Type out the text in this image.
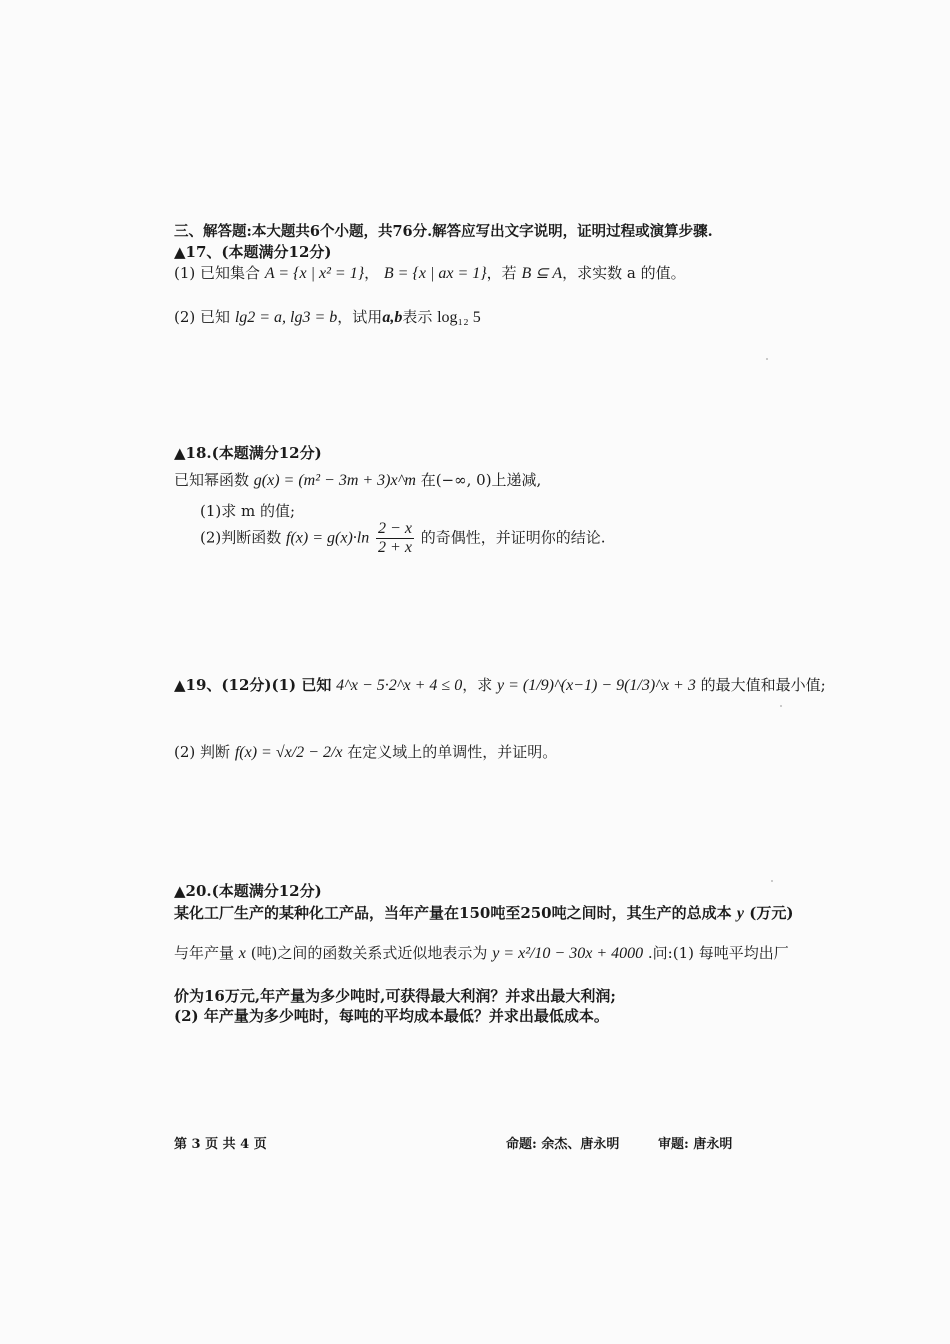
三、解答题:本大题共6个小题，共76分.解答应写出文字说明，证明过程或演算步骤.
▲17、(本题满分12分)
(1) 已知集合 A = {x | x² = 1}， B = {x | ax = 1}，若 B ⊆ A，求实数 a 的值。
(2) 已知 lg2 = a, lg3 = b，试用a,b表示 log₁₂ 5
▲18.(本题满分12分)
已知幂函数 g(x) = (m² − 3m + 3)x^m 在(−∞, 0)上递减,
(1)求 m 的值;
(2)判断函数 $f(x) = g(x)\cdot\ln \frac{2 - x}{2 + x}$ 的奇偶性，并证明你的结论.
▲19、(12分)(1) 已知 4^x − 5·2^x + 4 ≤ 0，求 y = (1/9)^(x−1) − 9(1/3)^x + 3 的最大值和最小值;
(2) 判断 f(x) = √x/2 − 2/x 在定义域上的单调性，并证明。
▲20.(本题满分12分)
某化工厂生产的某种化工产品，当年产量在150吨至250吨之间时，其生产的总成本 y (万元)
与年产量 x (吨)之间的函数关系式近似地表示为 y = x²/10 − 30x + 4000 .问:(1) 每吨平均出厂
价为16万元,年产量为多少吨时,可获得最大利润？并求出最大利润;
(2) 年产量为多少吨时，每吨的平均成本最低？并求出最低成本。
第 3 页 共 4 页	命题: 余杰、唐永明	审题: 唐永明
